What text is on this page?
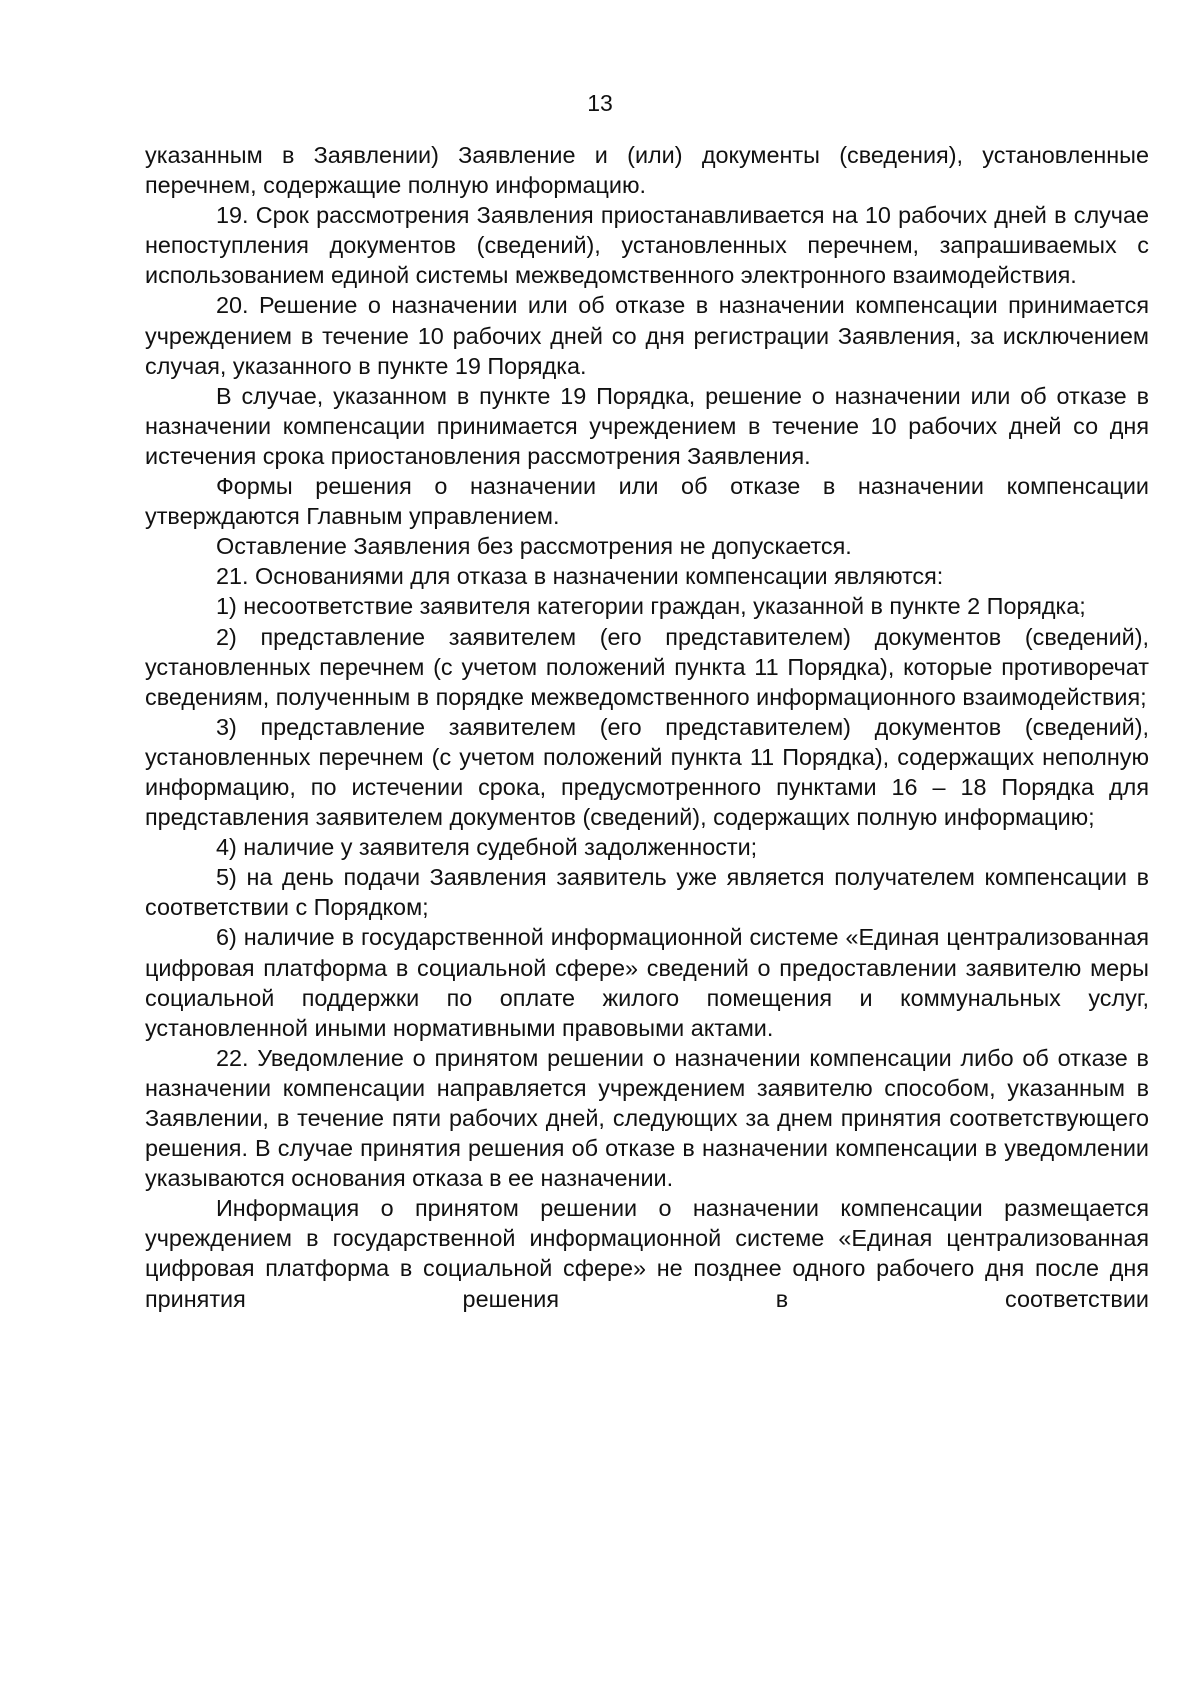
13

указанным в Заявлении) Заявление и (или) документы (сведения), установленные перечнем, содержащие полную информацию.

19. Срок рассмотрения Заявления приостанавливается на 10 рабочих дней в случае непоступления документов (сведений), установленных перечнем, запрашиваемых с использованием единой системы межведомственного электронного взаимодействия.

20. Решение о назначении или об отказе в назначении компенсации принимается учреждением в течение 10 рабочих дней со дня регистрации Заявления, за исключением случая, указанного в пункте 19 Порядка.

В случае, указанном в пункте 19 Порядка, решение о назначении или об отказе в назначении компенсации принимается учреждением в течение 10 рабочих дней со дня истечения срока приостановления рассмотрения Заявления.

Формы решения о назначении или об отказе в назначении компенсации утверждаются Главным управлением.

Оставление Заявления без рассмотрения не допускается.

21. Основаниями для отказа в назначении компенсации являются:

1) несоответствие заявителя категории граждан, указанной в пункте 2 Порядка;

2) представление заявителем (его представителем) документов (сведений), установленных перечнем (с учетом положений пункта 11 Порядка), которые противоречат сведениям, полученным в порядке межведомственного информационного взаимодействия;

3) представление заявителем (его представителем) документов (сведений), установленных перечнем (с учетом положений пункта 11 Порядка), содержащих неполную информацию, по истечении срока, предусмотренного пунктами 16 – 18 Порядка для представления заявителем документов (сведений), содержащих полную информацию;

4) наличие у заявителя судебной задолженности;

5) на день подачи Заявления заявитель уже является получателем компенсации в соответствии с Порядком;

6) наличие в государственной информационной системе «Единая централизованная цифровая платформа в социальной сфере» сведений о предоставлении заявителю меры социальной поддержки по оплате жилого помещения и коммунальных услуг, установленной иными нормативными правовыми актами.

22. Уведомление о принятом решении о назначении компенсации либо об отказе в назначении компенсации направляется учреждением заявителю способом, указанным в Заявлении, в течение пяти рабочих дней, следующих за днем принятия соответствующего решения. В случае принятия решения об отказе в назначении компенсации в уведомлении указываются основания отказа в ее назначении.

Информация о принятом решении о назначении компенсации размещается учреждением в государственной информационной системе «Единая централизованная цифровая платформа в социальной сфере» не позднее одного рабочего дня после дня принятия решения в соответствии
